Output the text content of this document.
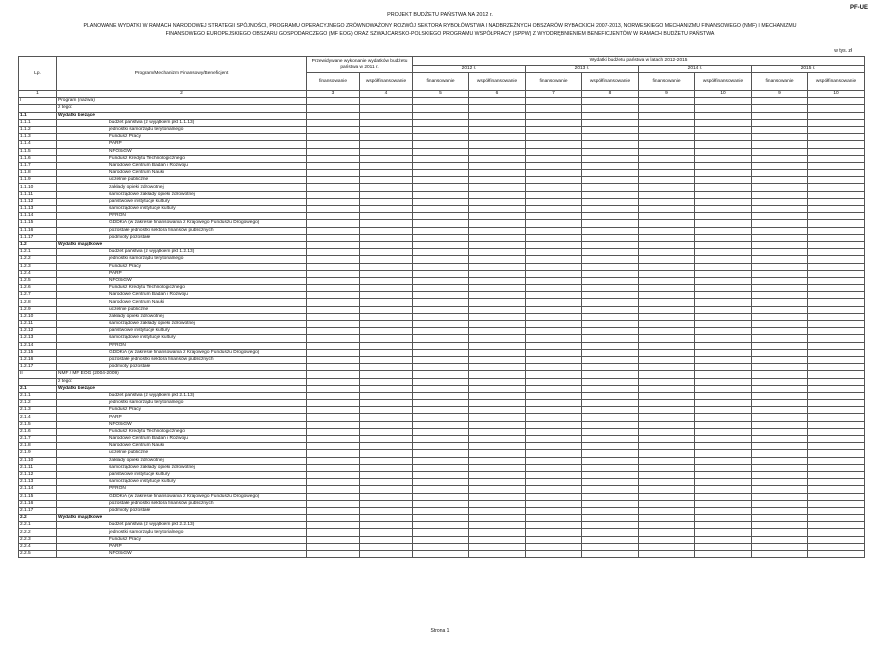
PF-UE
PROJEKT BUDŻETU PAŃSTWA NA 2012 r.
PLANOWANE WYDATKI W RAMACH NARODOWEJ STRATEGII SPÓJNOŚCI, PROGRAMU OPERACYJNEGO ZRÓWNOWAŻONY ROZWÓJ SEKTORA RYBOŁÓWSTWA I NADBRZEŻNYCH OBSZARÓW RYBACKICH 2007-2013, NORWESKIEGO MECHANIZMU FINANSOWEGO (NMF) I MECHANIZMU
FINANSOWEGO EUROPEJSKIEGO OBSZARU GOSPODARCZEGO (MF EOG) ORAZ SZWAJCARSKO-POLSKIEGO PROGRAMU WSPÓŁPRACY (SPPW) Z WYODRĘBNIENIEM BENEFICJENTÓW W RAMACH BUDŻETU PAŃSTWA
w tys. zł
Lp.	Program/Mechanizm Finansowy/Beneficjent	Przewidywane wykonanie wydatków budżetu
państwa w 2011 r.		Wydatki budżetu państwa w latach 2012-2015							
				2012 r.		2013 r.		2014 r.		2015 r.	
		finansowanie	współfinansowanie	finansowanie	współfinansowanie	finansowanie	współfinansowanie	finansowanie	współfinansowanie	finansowanie	współfinansowanie
1	2	3	4	5	6	7	8	9	10	9	10
I	Program (nazwa)										
	z tego:										
1.1	Wydatki bieżące										
1.1.1	budżet państwa (z wyjątkiem pkt 1.1.13)										
1.1.2	jednostki samorządu terytorialnego										
1.1.3	Fundusz Pracy										
1.1.4	PARP										
1.1.5	NFOŚiGW										
1.1.6	Fundusz Kredytu Technologicznego										
1.1.7	Narodowe Centrum Badań i Rozwoju										
1.1.8	Narodowe Centrum Nauki										
1.1.9	uczelnie publiczne										
1.1.10	zakłady opieki zdrowotnej										
1.1.11	samorządowe zakłady opieki zdrowotnej										
1.1.12	państwowe instytucje kultury										
1.1.13	samorządowe instytucje kultury										
1.1.14	PFRON										
1.1.15	GDDKiA (w zakresie finansowania z Krajowego Funduszu Drogowego)										
1.1.16	pozostałe jednostki sektora finansów publicznych										
1.1.17	podmioty pozostałe										
1.2	Wydatki majątkowe										
1.2.1	budżet państwa (z wyjątkiem pkt 1.2.13)										
1.2.2	jednostki samorządu terytorialnego										
1.2.3	Fundusz Pracy										
1.2.4	PARP										
1.2.5	NFOŚiGW										
1.2.6	Fundusz Kredytu Technologicznego										
1.2.7	Narodowe Centrum Badań i Rozwoju										
1.2.8	Narodowe Centrum Nauki										
1.2.9	uczelnie publiczne										
1.2.10	zakłady opieki zdrowotnej										
1.2.11	samorządowe zakłady opieki zdrowotnej										
1.2.12	państwowe instytucje kultury										
1.2.13	samorządowe instytucje kultury										
1.2.14	PFRON										
1.2.15	GDDKiA (w zakresie finansowania z Krajowego Funduszu Drogowego)										
1.2.16	pozostałe jednostki sektora finansów publicznych										
1.2.17	podmioty pozostałe										
II	NMF / MF EOG (2004-2009)										
	z tego:										
2.1	Wydatki bieżące										
2.1.1	budżet państwa (z wyjątkiem pkt 2.1.13)										
2.1.2	jednostki samorządu terytorialnego										
2.1.3	Fundusz Pracy										
2.1.4	PARP										
2.1.5	NFOŚiGW										
2.1.6	Fundusz Kredytu Technologicznego										
2.1.7	Narodowe Centrum Badań i Rozwoju										
2.1.8	Narodowe Centrum Nauki										
2.1.9	uczelnie publiczne										
2.1.10	zakłady opieki zdrowotnej										
2.1.11	samorządowe zakłady opieki zdrowotnej										
2.1.12	państwowe instytucje kultury										
2.1.13	samorządowe instytucje kultury										
2.1.14	PFRON										
2.1.15	GDDKiA (w zakresie finansowania z Krajowego Funduszu Drogowego)										
2.1.16	pozostałe jednostki sektora finansów publicznych										
2.1.17	podmioty pozostałe										
2.2	Wydatki majątkowe										
2.2.1	budżet państwa (z wyjątkiem pkt 2.2.13)										
2.2.2	jednostki samorządu terytorialnego										
2.2.3	Fundusz Pracy										
2.2.4	PARP										
2.2.5	NFOŚiGW										
Strona 1
